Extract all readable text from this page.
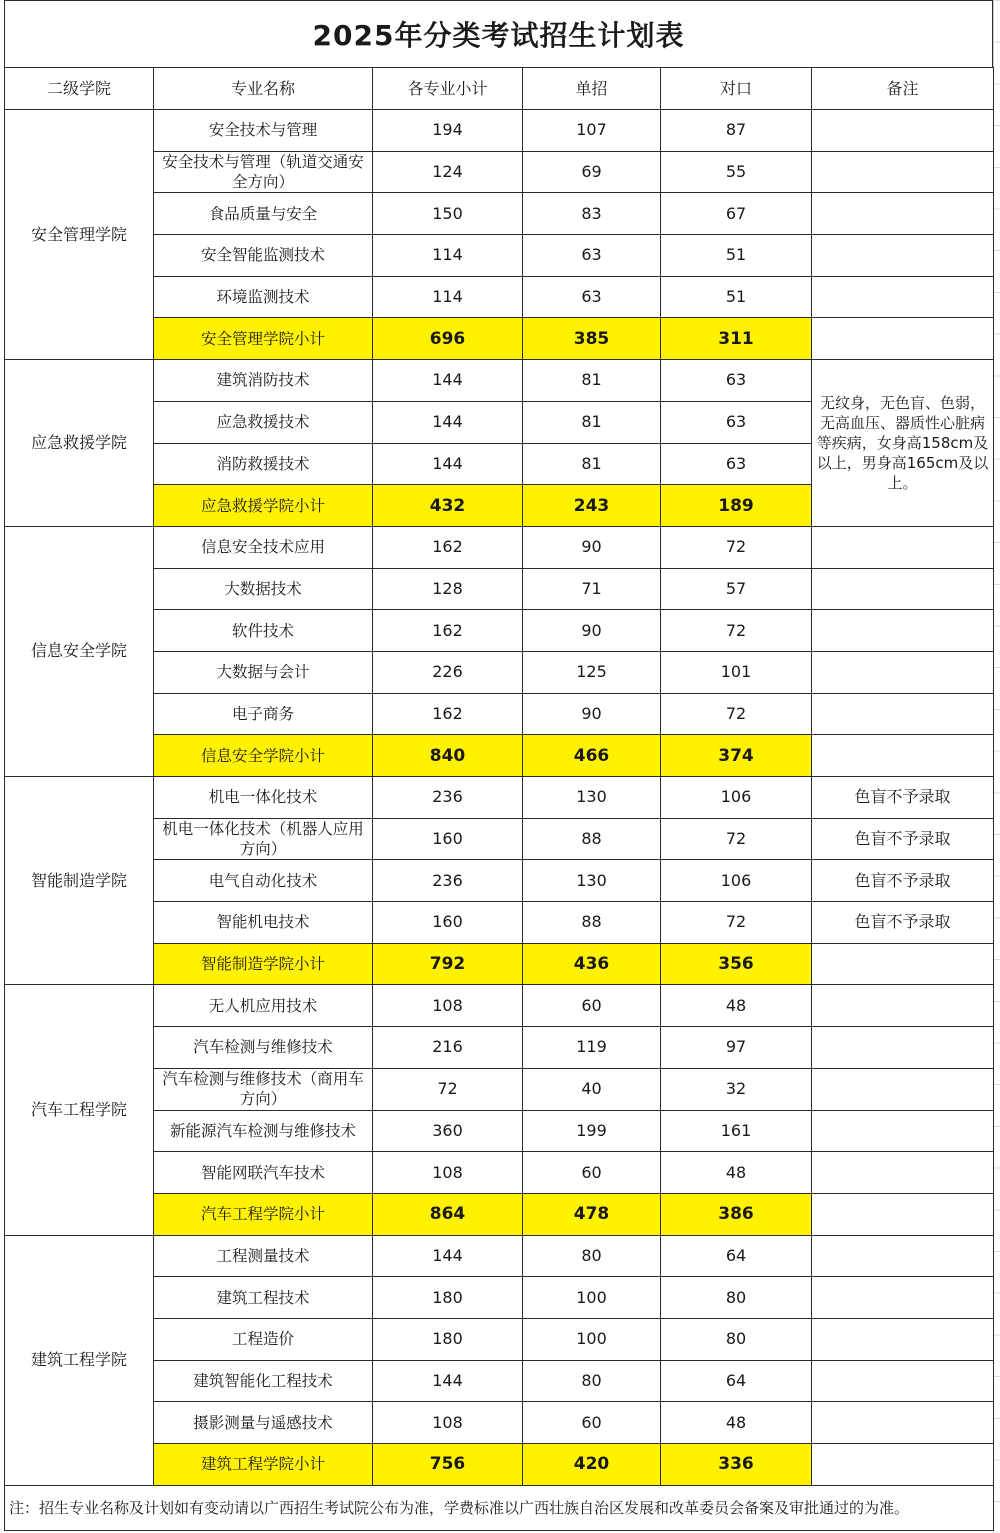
2025年分类考试招生计划表
二级学院	专业名称	各专业小计	单招	对口	备注
安全管理学院	安全技术与管理	194	107	87	
	安全技术与管理（轨道交通安全方向）	124	69	55	
	食品质量与安全	150	83	67	
	安全智能监测技术	114	63	51	
	环境监测技术	114	63	51	
	安全管理学院小计	696	385	311	
应急救援学院	建筑消防技术	144	81	63	无纹身，无色盲、色弱，无高血压、器质性心脏病等疾病，女身高158cm及以上，男身高165cm及以上。
	应急救援技术	144	81	63	
	消防救援技术	144	81	63	
	应急救援学院小计	432	243	189	
信息安全学院	信息安全技术应用	162	90	72	
	大数据技术	128	71	57	
	软件技术	162	90	72	
	大数据与会计	226	125	101	
	电子商务	162	90	72	
	信息安全学院小计	840	466	374	
智能制造学院	机电一体化技术	236	130	106	色盲不予录取
	机电一体化技术（机器人应用方向）	160	88	72	色盲不予录取
	电气自动化技术	236	130	106	色盲不予录取
	智能机电技术	160	88	72	色盲不予录取
	智能制造学院小计	792	436	356	
汽车工程学院	无人机应用技术	108	60	48	
	汽车检测与维修技术	216	119	97	
	汽车检测与维修技术（商用车方向）	72	40	32	
	新能源汽车检测与维修技术	360	199	161	
	智能网联汽车技术	108	60	48	
	汽车工程学院小计	864	478	386	
建筑工程学院	工程测量技术	144	80	64	
	建筑工程技术	180	100	80	
	工程造价	180	100	80	
	建筑智能化工程技术	144	80	64	
	摄影测量与遥感技术	108	60	48	
	建筑工程学院小计	756	420	336	
注：招生专业名称及计划如有变动请以广西招生考试院公布为准，学费标准以广西壮族自治区发展和改革委员会备案及审批通过的为准。					
